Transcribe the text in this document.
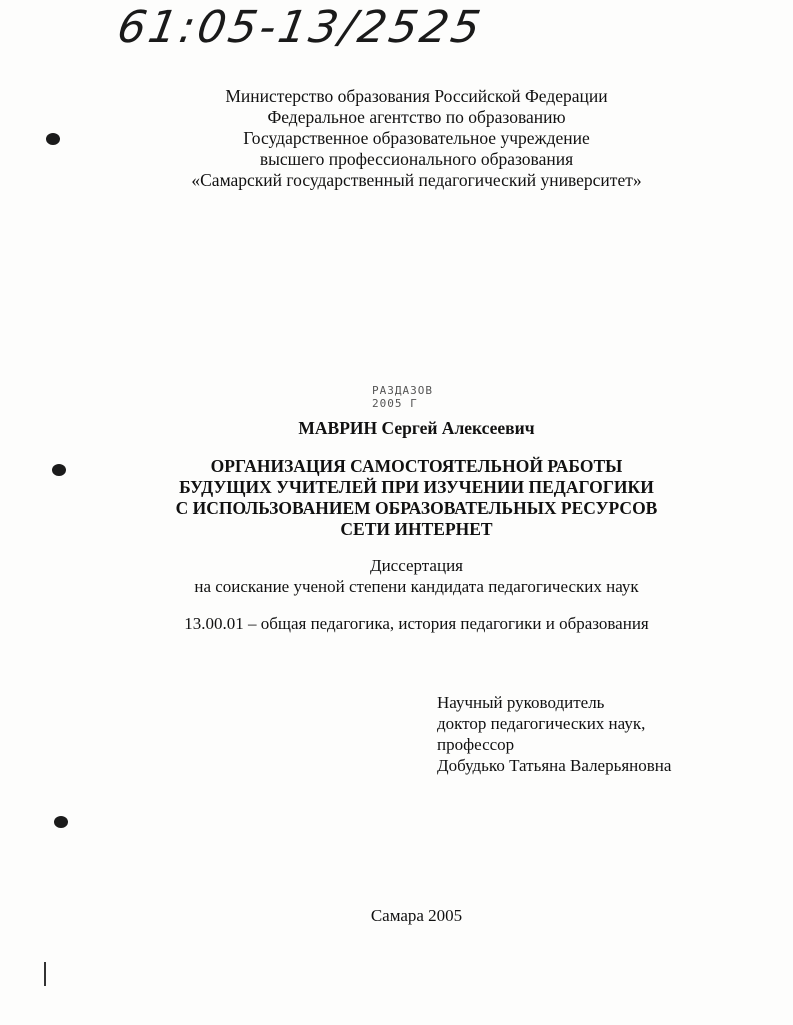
61:05-13/2525
Министерство образования Российской Федерации
Федеральное агентство по образованию
Государственное образовательное учреждение
высшего профессионального образования
«Самарский государственный педагогический университет»
РАЗДАЗОВ
2005 Г
МАВРИН Сергей Алексеевич
ОРГАНИЗАЦИЯ САМОСТОЯТЕЛЬНОЙ РАБОТЫ
БУДУЩИХ УЧИТЕЛЕЙ ПРИ ИЗУЧЕНИИ ПЕДАГОГИКИ
С ИСПОЛЬЗОВАНИЕМ ОБРАЗОВАТЕЛЬНЫХ РЕСУРСОВ
СЕТИ ИНТЕРНЕТ
Диссертация
на соискание ученой степени кандидата педагогических наук
13.00.01 – общая педагогика, история педагогики и образования
Научный руководитель
доктор педагогических наук,
профессор
Добудько Татьяна Валерьяновна
Самара 2005
